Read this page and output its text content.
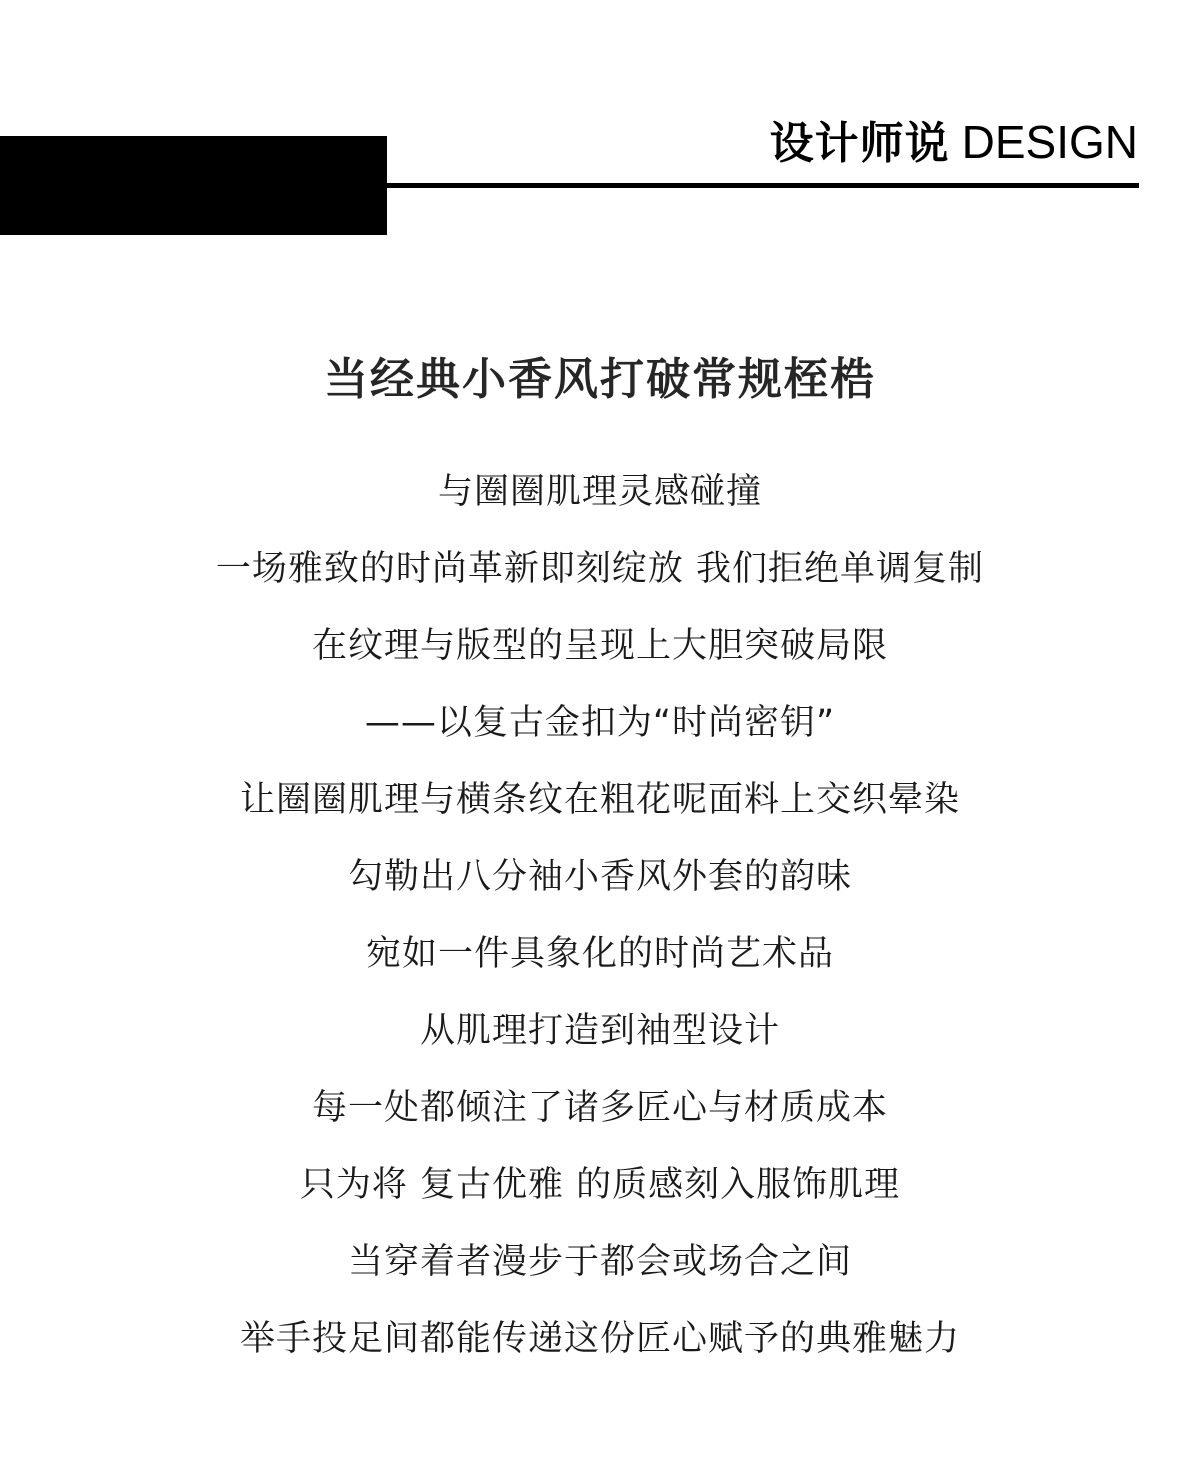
设计师说 DESIGN
当经典小香风打破常规桎梏
与圈圈肌理灵感碰撞
一场雅致的时尚革新即刻绽放 我们拒绝单调复制
在纹理与版型的呈现上大胆突破局限
——以复古金扣为“时尚密钥”
让圈圈肌理与横条纹在粗花呢面料上交织晕染
勾勒出八分袖小香风外套的韵味
宛如一件具象化的时尚艺术品
从肌理打造到袖型设计
每一处都倾注了诸多匠心与材质成本
只为将 复古优雅 的质感刻入服饰肌理
当穿着者漫步于都会或场合之间
举手投足间都能传递这份匠心赋予的典雅魅力
